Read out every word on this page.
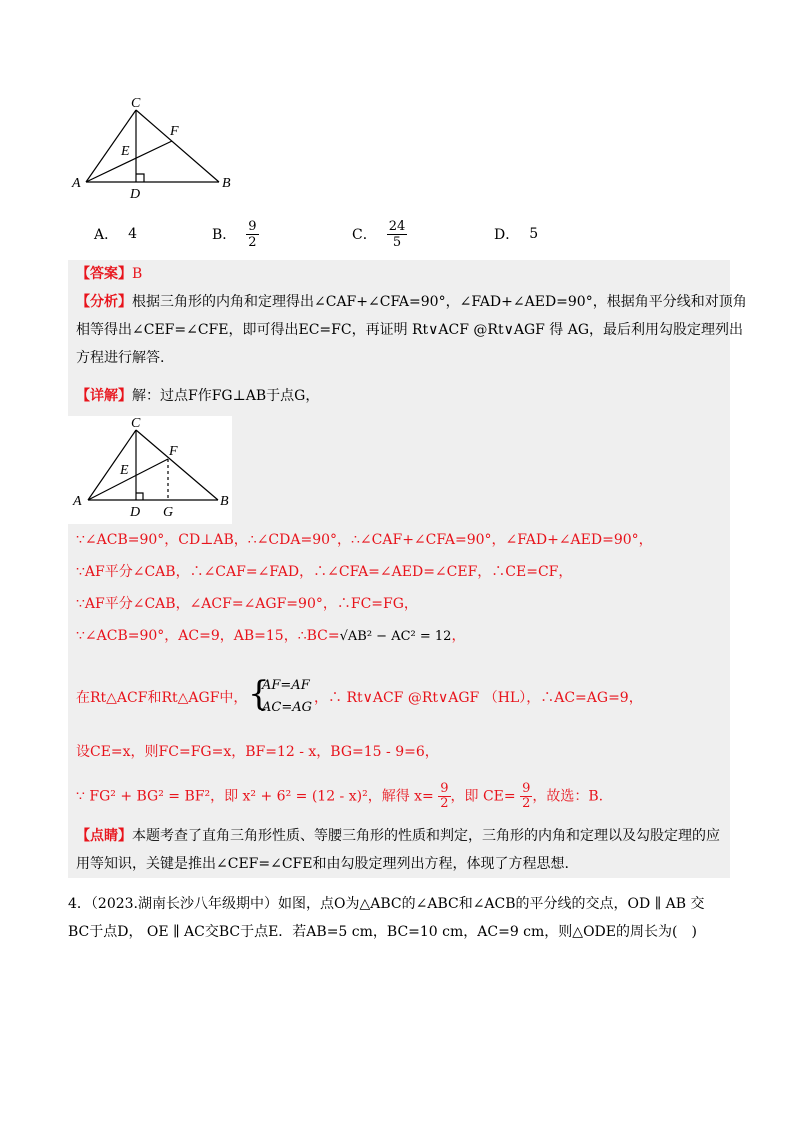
C
F
E
A
D
B
A． 4	B． $\frac{9}{2}$	C． $\frac{24}{5}$	D． 5
【答案】B
【分析】根据三角形的内角和定理得出∠CAF+∠CFA=90°，∠FAD+∠AED=90°，根据角平分线和对顶角
相等得出∠CEF=∠CFE，即可得出EC=FC，再证明 Rt∨ACF @Rt∨AGF 得 AG，最后利用勾股定理列出
方程进行解答.
【详解】解：过点F作FG⊥AB于点G，
C
F
E
A
D G
B
∵∠ACB=90°，CD⊥AB，∴∠CDA=90°，∴∠CAF+∠CFA=90°，∠FAD+∠AED=90°，
∵AF平分∠CAB，∴∠CAF=∠FAD，∴∠CFA=∠AED=∠CEF，∴CE=CF，
∵AF平分∠CAB，∠ACF=∠AGF=90°，∴FC=FG，
∵∠ACB=90°，AC=9，AB=15，∴BC=√AB² − AC² = 12，
在Rt△ACF和Rt△AGF中， {
AF=AF
AC=AG
，∴ Rt∨ACF @Rt∨AGF （HL），∴AC=AG=9，
设CE=x，则FC=FG=x，BF=12 - x，BG=15 - 9=6，
∵ FG² + BG² = BF²，即 x² + 6² = (12 - x)²，解得 $x= \frac{9}{2}$ ，即 $CE= \frac{9}{2}$ ，故选：B.
【点睛】本题考查了直角三角形性质、等腰三角形的性质和判定，三角形的内角和定理以及勾股定理的应
用等知识，关键是推出∠CEF=∠CFE和由勾股定理列出方程，体现了方程思想.
4．（2023.湖南长沙八年级期中）如图，点O为△ABC的∠ABC和∠ACB的平分线的交点，OD ∥ AB 交
BC于点D， OE ∥ AC交BC于点E．若AB=5 cm，BC=10 cm，AC=9 cm，则△ODE的周长为(　)
